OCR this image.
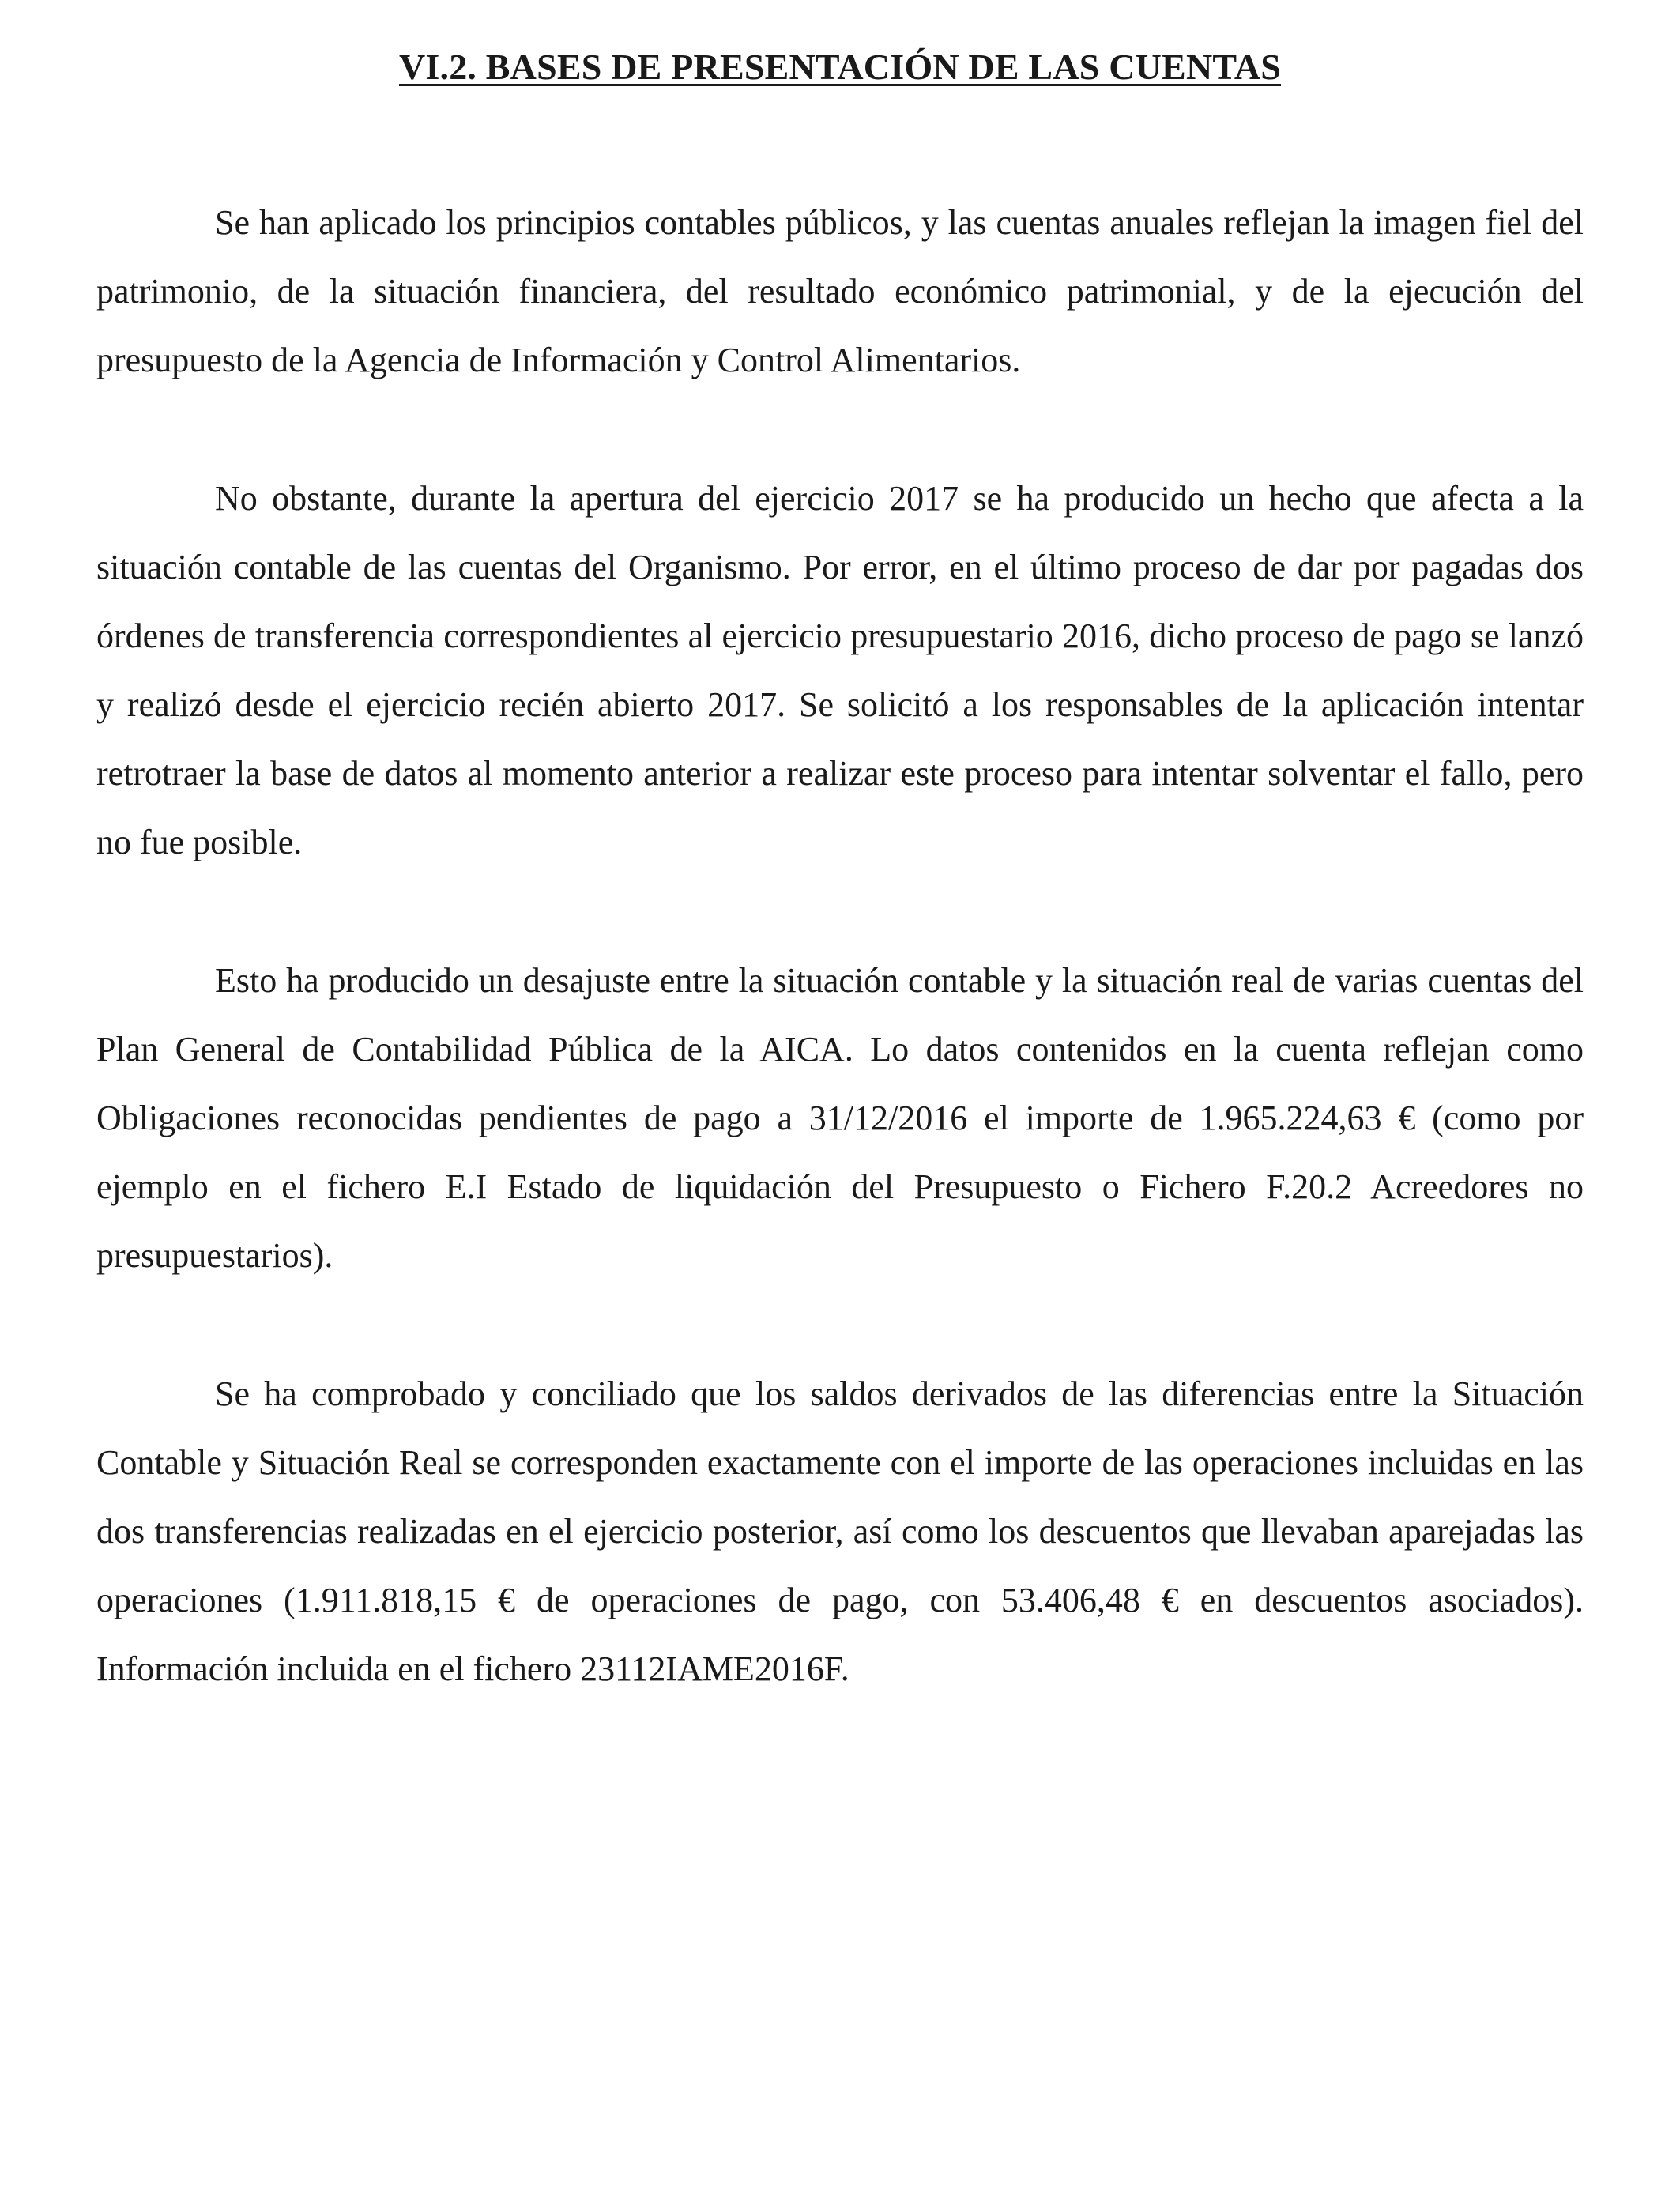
VI.2. BASES DE PRESENTACIÓN DE LAS CUENTAS

Se han aplicado los principios contables públicos, y las cuentas anuales reflejan la imagen fiel del patrimonio, de la situación financiera, del resultado económico patrimonial, y de la ejecución del presupuesto de la Agencia de Información y Control Alimentarios.

No obstante, durante la apertura del ejercicio 2017 se ha producido un hecho que afecta a la situación contable de las cuentas del Organismo. Por error, en el último proceso de dar por pagadas dos órdenes de transferencia correspondientes al ejercicio presupuestario 2016, dicho proceso de pago se lanzó y realizó desde el ejercicio recién abierto 2017. Se solicitó a los responsables de la aplicación intentar retrotraer la base de datos al momento anterior a realizar este proceso para intentar solventar el fallo, pero no fue posible.

Esto ha producido un desajuste entre la situación contable y la situación real de varias cuentas del Plan General de Contabilidad Pública de la AICA. Lo datos contenidos en la cuenta reflejan como Obligaciones reconocidas pendientes de pago a 31/12/2016 el importe de 1.965.224,63 € (como por ejemplo en el fichero E.I Estado de liquidación del Presupuesto o Fichero F.20.2 Acreedores no presupuestarios).

Se ha comprobado y conciliado que los saldos derivados de las diferencias entre la Situación Contable y Situación Real se corresponden exactamente con el importe de las operaciones incluidas en las dos transferencias realizadas en el ejercicio posterior, así como los descuentos que llevaban aparejadas las operaciones (1.911.818,15 € de operaciones de pago, con 53.406,48 € en descuentos asociados). Información incluida en el fichero 23112IAME2016F.
